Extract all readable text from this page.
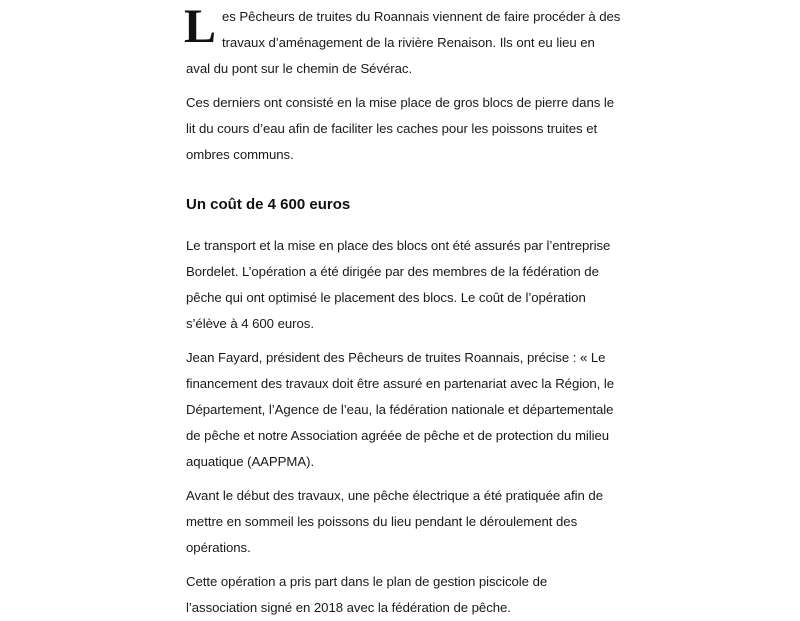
Les Pêcheurs de truites du Roannais viennent de faire procéder à des
travaux d’aménagement de la rivière Renaison. Ils ont eu lieu en
aval du pont sur le chemin de Sévérac.

Ces derniers ont consisté en la mise place de gros blocs de pierre dans le
lit du cours d’eau afin de faciliter les caches pour les poissons truites et
ombres communs.

Un coût de 4 600 euros

Le transport et la mise en place des blocs ont été assurés par l’entreprise
Bordelet. L’opération a été dirigée par des membres de la fédération de
pêche qui ont optimisé le placement des blocs. Le coût de l’opération
s’élève à 4 600 euros.

Jean Fayard, président des Pêcheurs de truites Roannais, précise : « Le
financement des travaux doit être assuré en partenariat avec la Région, le
Département, l’Agence de l’eau, la fédération nationale et départementale
de pêche et notre Association agréée de pêche et de protection du milieu
aquatique (AAPPMA).

Avant le début des travaux, une pêche électrique a été pratiquée afin de
mettre en sommeil les poissons du lieu pendant le déroulement des
opérations.

Cette opération a pris part dans le plan de gestion piscicole de
l’association signé en 2018 avec la fédération de pêche.
